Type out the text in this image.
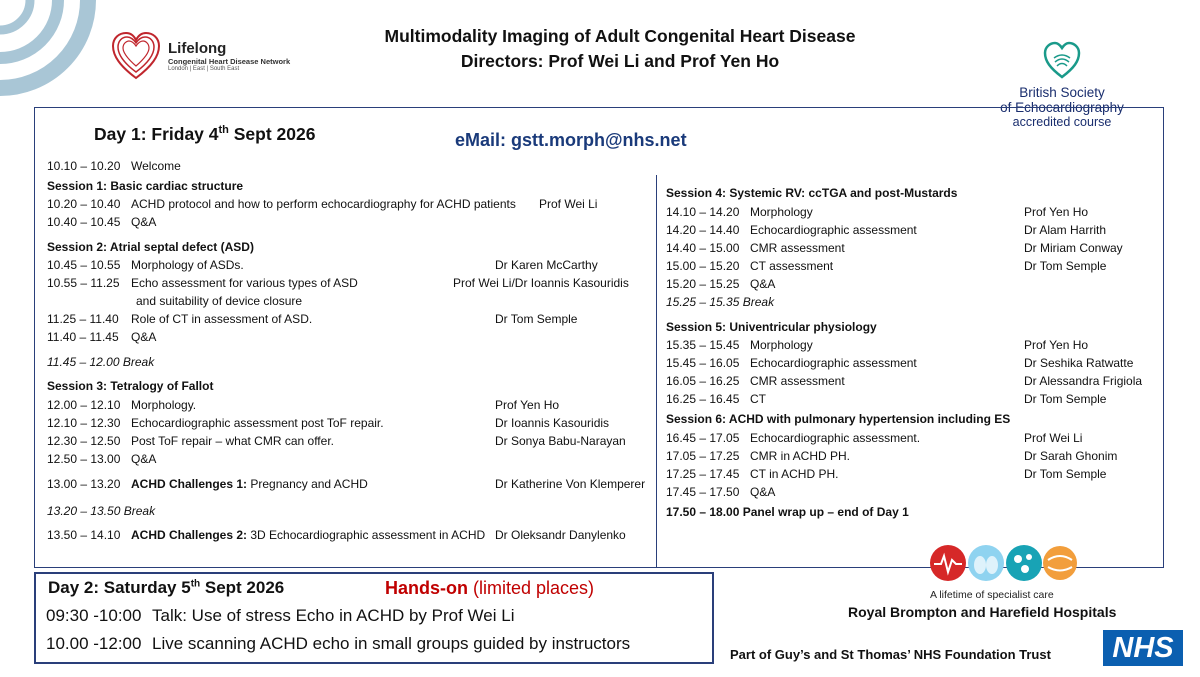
Lifelong
Congenital Heart Disease Network
London | East | South East
Multimodality Imaging of Adult Congenital Heart Disease
Directors: Prof Wei Li and Prof Yen Ho
British Society
of Echocardiography
accredited course
Day 1: Friday 4th Sept 2026	eMail: gstt.morph@nhs.net
10.10 – 10.20 Welcome
Session 1: Basic cardiac structure
10.20 – 10.40 ACHD protocol and how to perform echocardiography for ACHD patients Prof Wei Li
10.40 – 10.45 Q&A
Session 2: Atrial septal defect (ASD)
10.45 – 10.55 Morphology of ASDs.	Dr Karen McCarthy
10.55 – 11.25 Echo assessment for various types of ASD	Prof Wei Li/Dr Ioannis Kasouridis
and suitability of device closure
11.25 – 11.40 Role of CT in assessment of ASD.	Dr Tom Semple
11.40 – 11.45 Q&A
11.45 – 12.00 Break
Session 3: Tetralogy of Fallot
12.00 – 12.10 Morphology.	Prof Yen Ho
12.10 – 12.30 Echocardiographic assessment post ToF repair.	Dr Ioannis Kasouridis
12.30 – 12.50 Post ToF repair – what CMR can offer.	Dr Sonya Babu-Narayan
12.50 – 13.00 Q&A
13.00 – 13.20 ACHD Challenges 1: Pregnancy and ACHD	Dr Katherine Von Klemperer
13.20 – 13.50 Break
13.50 – 14.10 ACHD Challenges 2: 3D Echocardiographic assessment in ACHD Dr Oleksandr Danylenko
Session 4: Systemic RV: ccTGA and post-Mustards
14.10 – 14.20 Morphology	Prof Yen Ho
14.20 – 14.40 Echocardiographic assessment	Dr Alam Harrith
14.40 – 15.00 CMR assessment	Dr Miriam Conway
15.00 – 15.20 CT assessment	Dr Tom Semple
15.20 – 15.25 Q&A
15.25 – 15.35 Break
Session 5: Univentricular physiology
15.35 – 15.45 Morphology	Prof Yen Ho
15.45 – 16.05 Echocardiographic assessment	Dr Seshika Ratwatte
16.05 – 16.25 CMR assessment	Dr Alessandra Frigiola
16.25 – 16.45 CT	Dr Tom Semple
Session 6: ACHD with pulmonary hypertension including ES
16.45 – 17.05 Echocardiographic assessment.	Prof Wei Li
17.05 – 17.25 CMR in ACHD PH.	Dr Sarah Ghonim
17.25 – 17.45 CT in ACHD PH.	Dr Tom Semple
17.45 – 17.50 Q&A
17.50 – 18.00 Panel wrap up – end of Day 1
Day 2: Saturday 5th Sept 2026	Hands-on (limited places)
09:30 -10:00 Talk: Use of stress Echo in ACHD by Prof Wei Li
10.00 -12:00 Live scanning ACHD echo in small groups guided by instructors
A lifetime of specialist care
Royal Brompton and Harefield Hospitals
Part of Guy’s and St Thomas’ NHS Foundation Trust	NHS
